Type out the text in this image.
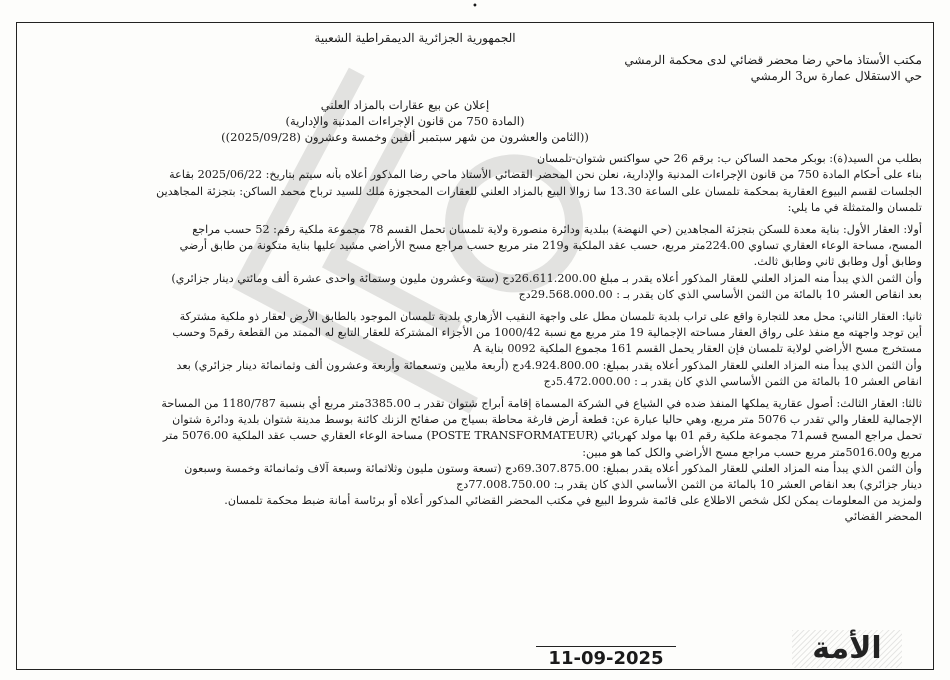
•
الجمهورية الجزائرية الديمقراطية الشعبية
مكتب الأستاذ ماحي رضا محضر قضائي لدى محكمة الرمشي
حي الاستقلال عمارة س3 الرمشي
إعلان عن بيع عقارات بالمزاد العلني
(المادة 750 من قانون الإجراءات المدنية والإدارية)
((الثامن والعشرون من شهر سبتمبر ألفين وخمسة وعشرون (2025/09/28))
بطلب من السيد(ة): بوبكر محمد الساكن ب: برقم 26 حي سواكتس شتوان-تلمسان
بناء على أحكام المادة 750 من قانون الإجراءات المدنية والإدارية، نعلن نحن المحضر القضائي الأستاذ ماحي رضا المذكور أعلاه بأنه سيتم بتاريخ: 2025/06/22 بقاعة
الجلسات لقسم البيوع العقارية بمحكمة تلمسان على الساعة 13.30 سا زوالا البيع بالمزاد العلني للعقارات المحجوزة ملك للسيد ترباح محمد الساكن: بتجزئة المجاهدين
تلمسان والمتمثلة في ما يلي:
أولا: العقار الأول: بناية معدة للسكن بتجزئة المجاهدين (حي النهضة) ببلدية ودائرة منصورة ولاية تلمسان تحمل القسم 78 مجموعة ملكية رقم: 52 حسب مراجع
المسح، مساحة الوعاء العقاري تساوي 224.00متر مربع، حسب عقد الملكية و219 متر مربع حسب مراجع مسح الأراضي مشيد عليها بناية متكونة من طابق أرضي
وطابق أول وطابق ثاني وطابق ثالث.
وأن الثمن الذي يبدأ منه المزاد العلني للعقار المذكور أعلاه يقدر بـ مبلغ 26.611.200.00دج (ستة وعشرون مليون وستمائة واحدى عشرة ألف ومائتي دينار جزائري)
بعد انقاص العشر 10 بالمائة من الثمن الأساسي الذي كان يقدر بـ : 29.568.000.00دج
ثانيا: العقار الثاني: محل معد للتجارة واقع على تراب بلدية تلمسان مطل على واجهة النقيب الأزهاري بلدية تلمسان الموجود بالطابق الأرض لعقار ذو ملكية مشتركة
أين توجد واجهته مع منفذ على رواق العقار مساحته الإجمالية 19 متر مربع مع نسبة 1000/42 من الأجزاء المشتركة للعقار التابع له الممتد من القطعة رقم5 وحسب
مستخرج مسح الأراضي لولاية تلمسان فإن العقار يحمل القسم 161 مجموع الملكية 0092 بناية A
وأن الثمن الذي يبدأ منه المزاد العلني للعقار المذكور أعلاه يقدر بمبلغ: 4.924.800.00دج (أربعة ملايين وتسعمائة وأربعة وعشرون ألف وثمانمائة دينار جزائري) بعد
انقاص العشر 10 بالمائة من الثمن الأساسي الذي كان يقدر بـ : 5.472.000.00دج
ثالثا: العقار الثالث: أصول عقارية يملكها المنفذ ضده في الشياع في الشركة المسماة إقامة أبراج شتوان تقدر بـ 3385.00متر مربع أي بنسبة 1180/787 من المساحة
الإجمالية للعقار والي تقدر ب 5076 متر مربع، وهي حاليا عبارة عن: قطعة أرض فارغة محاطة بسياج من صفائح الزنك كائنة بوسط مدينة شتوان بلدية ودائرة شتوان
تحمل مراجع المسح قسم71 مجموعة ملكية رقم 01 بها مولد كهربائي (POSTE TRANSFORMATEUR) مساحة الوعاء العقاري حسب عقد الملكية 5076.00 متر
مربع و5016.00متر مربع حسب مراجع مسح الأراضي والكل كما هو مبين:
وأن الثمن الذي يبدأ منه المزاد العلني للعقار المذكور أعلاه يقدر بمبلغ: 69.307.875.00دج (تسعة وستون مليون وثلاثمائة وسبعة آلاف وثمانمائة وخمسة وسبعون
دينار جزائري) بعد انقاص العشر 10 بالمائة من الثمن الأساسي الذي كان يقدر بـ: 77.008.750.00دج
ولمزيد من المعلومات يمكن لكل شخص الاطلاع على قائمة شروط البيع في مكتب المحضر القضائي المذكور أعلاه أو برئاسة أمانة ضبط محكمة تلمسان.
المحضر القضائي
11-09-2025	الأمة
